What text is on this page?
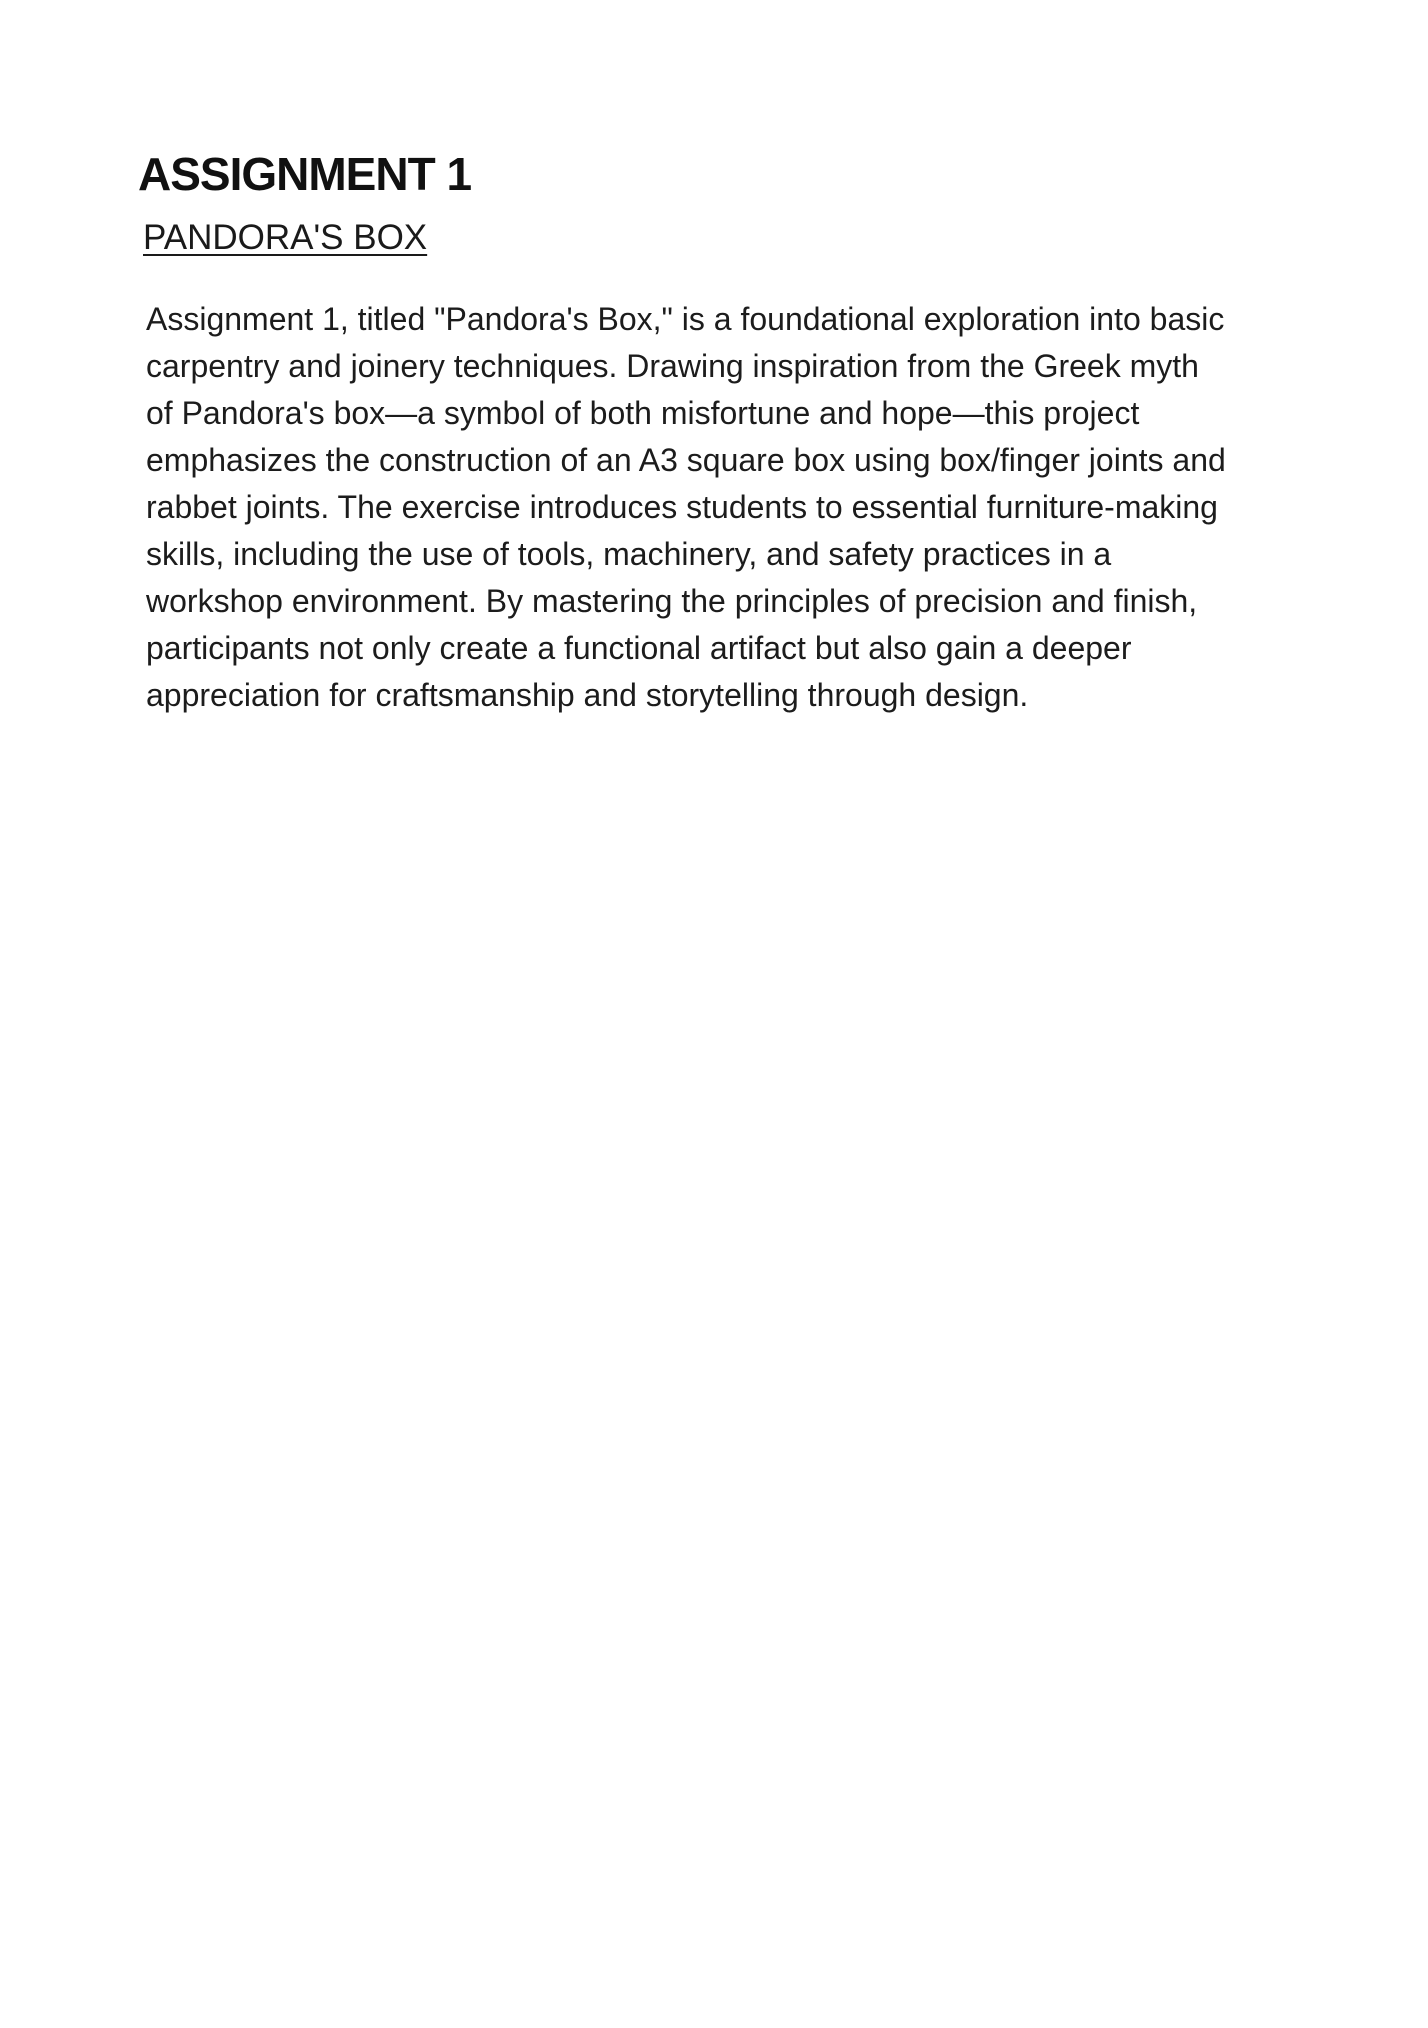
ASSIGNMENT 1
PANDORA'S BOX
Assignment 1, titled "Pandora's Box," is a foundational exploration into basic
carpentry and joinery techniques. Drawing inspiration from the Greek myth
of Pandora's box—a symbol of both misfortune and hope—this project
emphasizes the construction of an A3 square box using box/finger joints and
rabbet joints. The exercise introduces students to essential furniture-making
skills, including the use of tools, machinery, and safety practices in a
workshop environment. By mastering the principles of precision and finish,
participants not only create a functional artifact but also gain a deeper
appreciation for craftsmanship and storytelling through design.
